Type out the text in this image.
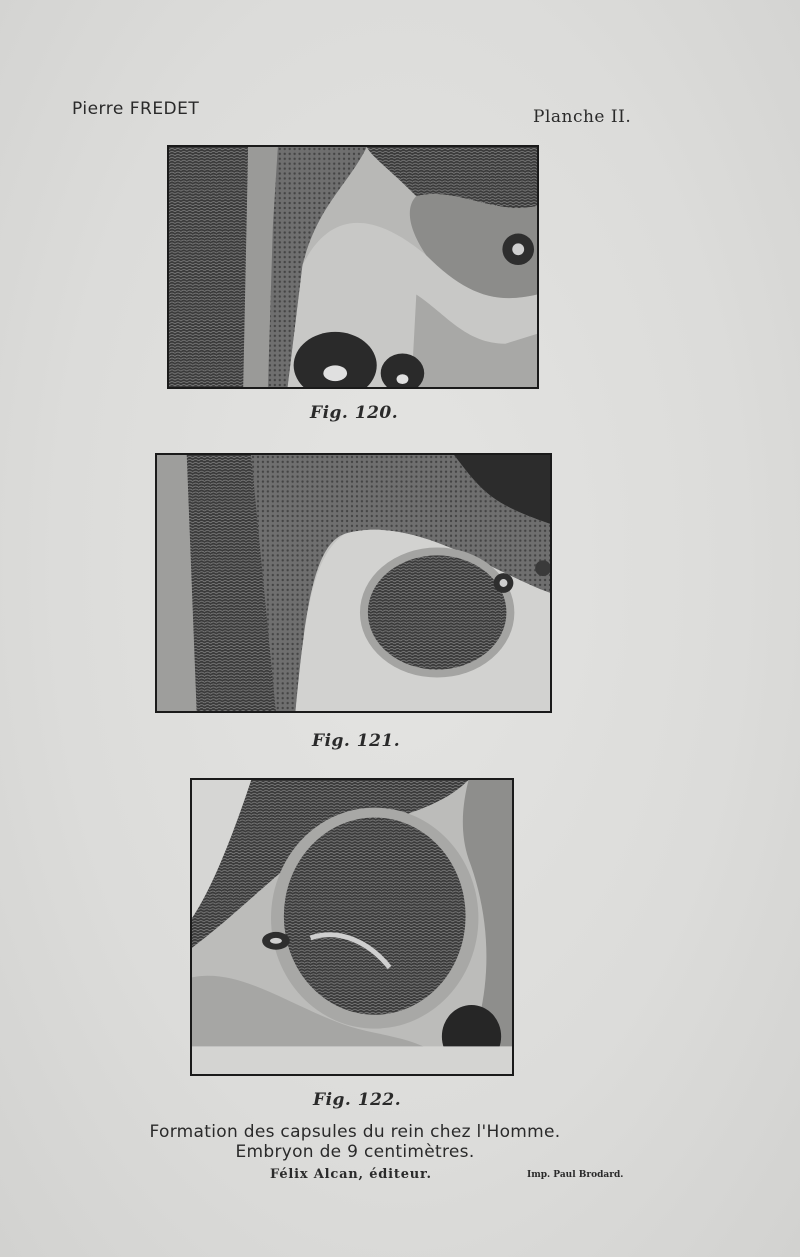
Pierre FREDET	Planche II.
Fig. 120.
Fig. 121.
Fig. 122.
Formation des capsules du rein chez l'Homme.
Embryon de 9 centimètres.
Félix Alcan, éditeur.	Imp. Paul Brodard.
